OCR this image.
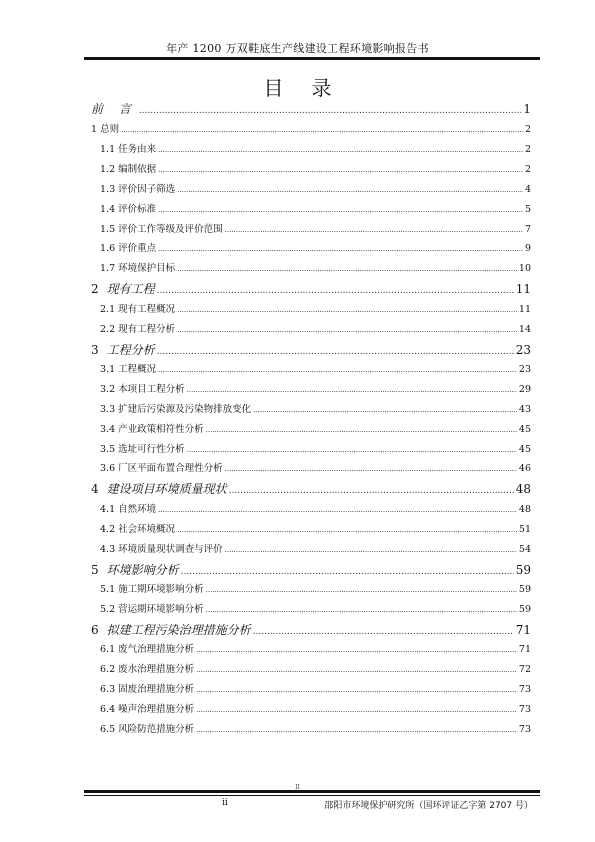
年产 1200 万双鞋底生产线建设工程环境影响报告书
目录
前 言 .....	1
1 总则 .....	2
1.1 任务由来 .....	2
1.2 编制依据 .....	2
1.3 评价因子筛选 .....	4
1.4 评价标准 .....	5
1.5 评价工作等级及评价范围 .....	7
1.6 评价重点 .....	9
1.7 环境保护目标 .....	10
2 现有工程 .....	11
2.1 现有工程概况 .....	11
2.2 现有工程分析 .....	14
3 工程分析 .....	23
3.1 工程概况 .....	23
3.2 本项目工程分析 .....	29
3.3 扩建后污染源及污染物排放变化 .....	43
3.4 产业政策相符性分析 .....	45
3.5 选址可行性分析 .....	45
3.6 厂区平面布置合理性分析 .....	46
4 建设项目环境质量现状 .....	48
4.1 自然环境 .....	48
4.2 社会环境概况 .....	51
4.3 环境质量现状调查与评价 .....	54
5 环境影响分析 .....	59
5.1 施工期环境影响分析 .....	59
5.2 营运期环境影响分析 .....	59
6 拟建工程污染治理措施分析 .....	71
6.1 废气治理措施分析 .....	71
6.2 废水治理措施分析 .....	72
6.3 固废治理措施分析 .....	73
6.4 噪声治理措施分析 .....	73
6.5 风险防范措施分析 .....	73
II
ii	邵阳市环境保护研究所（国环评证乙字第 2707 号）
